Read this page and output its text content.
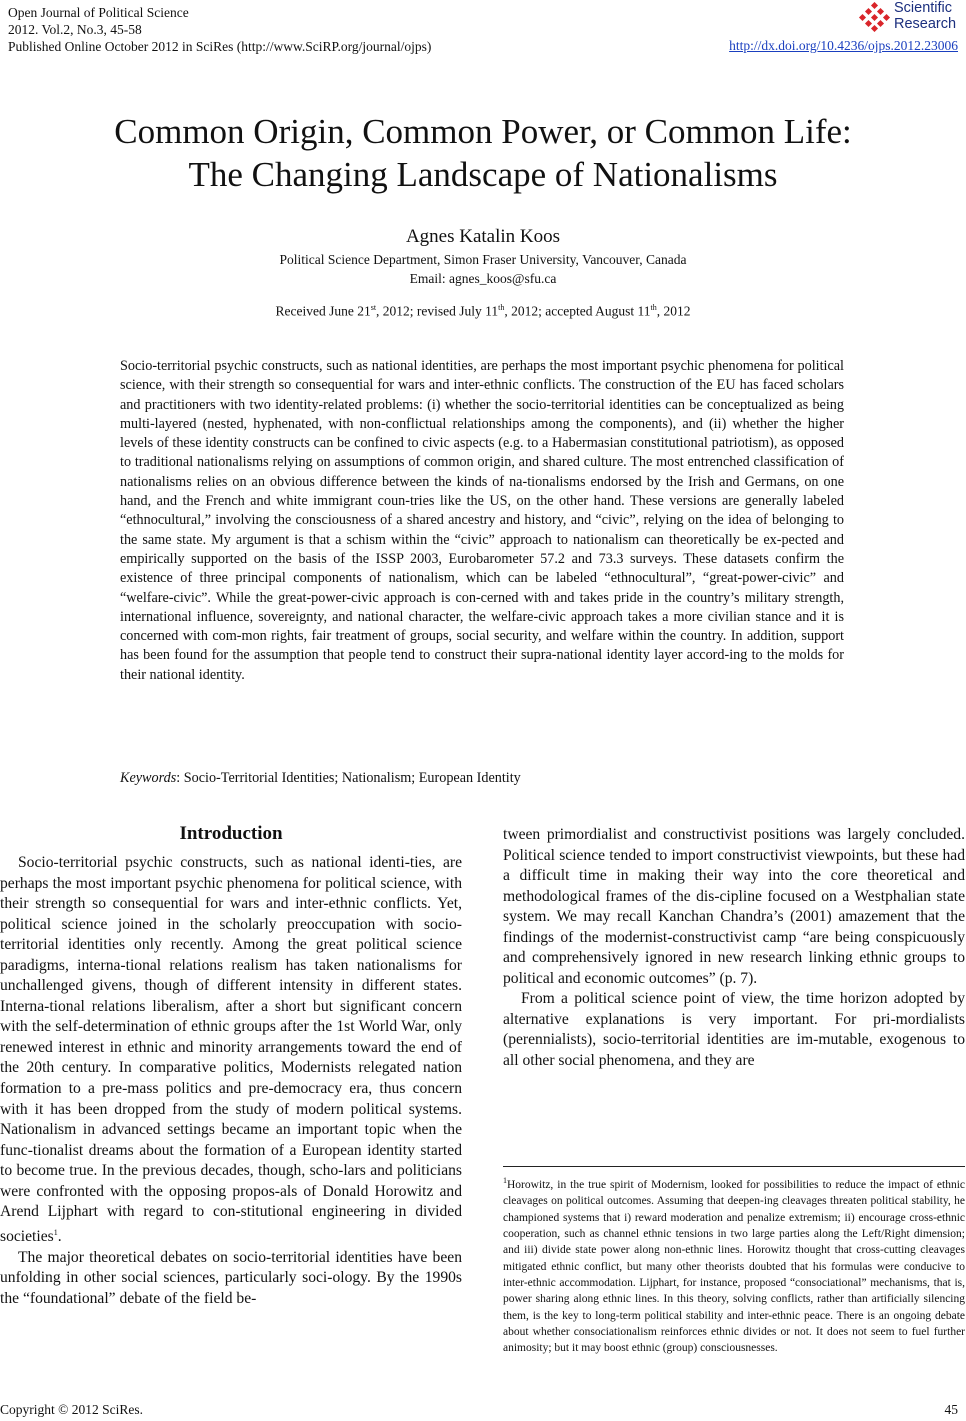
Open Journal of Political Science
2012. Vol.2, No.3, 45-58
Published Online October 2012 in SciRes (http://www.SciRP.org/journal/ojps)
Scientific
Research
http://dx.doi.org/10.4236/ojps.2012.23006
Common Origin, Common Power, or Common Life:
The Changing Landscape of Nationalisms
Agnes Katalin Koos
Political Science Department, Simon Fraser University, Vancouver, Canada
Email: agnes_koos@sfu.ca
Received June 21st, 2012; revised July 11th, 2012; accepted August 11th, 2012
Socio-territorial psychic constructs, such as national identities, are perhaps the most important psychic phenomena for political science, with their strength so consequential for wars and inter-ethnic conflicts. The construction of the EU has faced scholars and practitioners with two identity-related problems: (i) whether the socio-territorial identities can be conceptualized as being multi-layered (nested, hyphenated, with non-conflictual relationships among the components), and (ii) whether the higher levels of these identity constructs can be confined to civic aspects (e.g. to a Habermasian constitutional patriotism), as opposed to traditional nationalisms relying on assumptions of common origin, and shared culture. The most entrenched classification of nationalisms relies on an obvious difference between the kinds of na-tionalisms endorsed by the Irish and Germans, on one hand, and the French and white immigrant coun-tries like the US, on the other hand. These versions are generally labeled “ethnocultural,” involving the consciousness of a shared ancestry and history, and “civic”, relying on the idea of belonging to the same state. My argument is that a schism within the “civic” approach to nationalism can theoretically be ex-pected and empirically supported on the basis of the ISSP 2003, Eurobarometer 57.2 and 73.3 surveys. These datasets confirm the existence of three principal components of nationalism, which can be labeled “ethnocultural”, “great-power-civic” and “welfare-civic”. While the great-power-civic approach is con-cerned with and takes pride in the country’s military strength, international influence, sovereignty, and national character, the welfare-civic approach takes a more civilian stance and it is concerned with com-mon rights, fair treatment of groups, social security, and welfare within the country. In addition, support has been found for the assumption that people tend to construct their supra-national identity layer accord-ing to the molds for their national identity.
Keywords: Socio-Territorial Identities; Nationalism; European Identity
Introduction

Socio-territorial psychic constructs, such as national identi-ties, are perhaps the most important psychic phenomena for political science, with their strength so consequential for wars and inter-ethnic conflicts. Yet, political science joined in the scholarly preoccupation with socio-territorial identities only recently. Among the great political science paradigms, interna-tional relations realism has taken nationalisms for unchallenged givens, though of different intensity in different states. Interna-tional relations liberalism, after a short but significant concern with the self-determination of ethnic groups after the 1st World War, only renewed interest in ethnic and minority arrangements toward the end of the 20th century. In comparative politics, Modernists relegated nation formation to a pre-mass politics and pre-democracy era, thus concern with it has been dropped from the study of modern political systems. Nationalism in advanced settings became an important topic when the func-tionalist dreams about the formation of a European identity started to become true. In the previous decades, though, scho-lars and politicians were confronted with the opposing propos-als of Donald Horowitz and Arend Lijphart with regard to con-stitutional engineering in divided societies$^1$.

The major theoretical debates on socio-territorial identities have been unfolding in other social sciences, particularly soci-ology. By the 1990s the “foundational” debate of the field be-

tween primordialist and constructivist positions was largely concluded. Political science tended to import constructivist viewpoints, but these had a difficult time in making their way into the core theoretical and methodological frames of the dis-cipline focused on a Westphalian state system. We may recall Kanchan Chandra’s (2001) amazement that the findings of the modernist-constructivist camp “are being conspicuously and comprehensively ignored in new research linking ethnic groups to political and economic outcomes” (p. 7).

From a political science point of view, the time horizon adopted by alternative explanations is very important. For pri-mordialists (perennialists), socio-territorial identities are im-mutable, exogenous to all other social phenomena, and they are

$^1$Horowitz, in the true spirit of Modernism, looked for possibilities to reduce the impact of ethnic cleavages on political outcomes. Assuming that deepen-ing cleavages threaten political stability, he championed systems that i) reward moderation and penalize extremism; ii) encourage cross-ethnic cooperation, such as channel ethnic tensions in two large parties along the Left/Right dimension; and iii) divide state power along non-ethnic lines. Horowitz thought that cross-cutting cleavages mitigated ethnic conflict, but many other theorists doubted that his formulas were conducive to inter-ethnic accommodation. Lijphart, for instance, proposed “consociational” mechanisms, that is, power sharing along ethnic lines. In this theory, solving conflicts, rather than artificially silencing them, is the key to long-term political stability and inter-ethnic peace. There is an ongoing debate about whether consociationalism reinforces ethnic divides or not. It does not seem to fuel further animosity; but it may boost ethnic (group) consciousnesses.
Copyright © 2012 SciRes.	45
